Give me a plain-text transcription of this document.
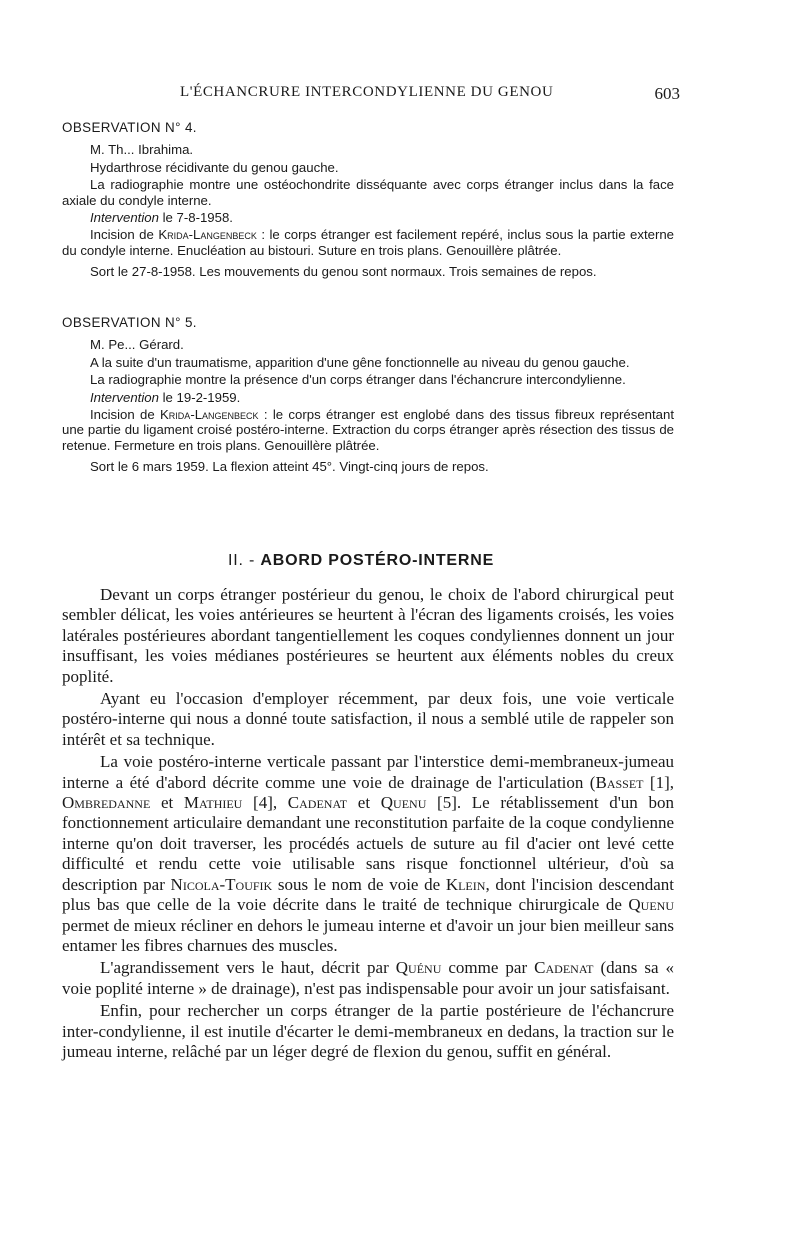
L'ÉCHANCRURE INTERCONDYLIENNE DU GENOU	603
OBSERVATION N° 4.

M. Th... Ibrahima.

Hydarthrose récidivante du genou gauche.

La radiographie montre une ostéochondrite disséquante avec corps étranger inclus dans la face axiale du condyle interne.

Intervention le 7-8-1958.

Incision de Krida-Langenbeck : le corps étranger est facilement repéré, inclus sous la partie externe du condyle interne. Enucléation au bistouri. Suture en trois plans. Genouillère plâtrée.

Sort le 27-8-1958. Les mouvements du genou sont normaux. Trois semaines de repos.

OBSERVATION N° 5.

M. Pe... Gérard.

A la suite d'un traumatisme, apparition d'une gêne fonctionnelle au niveau du genou gauche.

La radiographie montre la présence d'un corps étranger dans l'échancrure intercondylienne.

Intervention le 19-2-1959.

Incision de Krida-Langenbeck : le corps étranger est englobé dans des tissus fibreux représentant une partie du ligament croisé postéro-interne. Extraction du corps étranger après résection des tissus de retenue. Fermeture en trois plans. Genouillère plâtrée.

Sort le 6 mars 1959. La flexion atteint 45°. Vingt-cinq jours de repos.

II. - ABORD POSTÉRO-INTERNE

Devant un corps étranger postérieur du genou, le choix de l'abord chirurgical peut sembler délicat, les voies antérieures se heurtent à l'écran des ligaments croisés, les voies latérales postérieures abordant tangentiellement les coques condyliennes donnent un jour insuffisant, les voies médianes postérieures se heurtent aux éléments nobles du creux poplité.

Ayant eu l'occasion d'employer récemment, par deux fois, une voie verticale postéro-interne qui nous a donné toute satisfaction, il nous a semblé utile de rappeler son intérêt et sa technique.

La voie postéro-interne verticale passant par l'interstice demi-membraneux-jumeau interne a été d'abord décrite comme une voie de drainage de l'articulation (Basset [1], Ombredanne et Mathieu [4], Cadenat et Quenu [5]. Le rétablissement d'un bon fonctionnement articulaire demandant une reconstitution parfaite de la coque condylienne interne qu'on doit traverser, les procédés actuels de suture au fil d'acier ont levé cette difficulté et rendu cette voie utilisable sans risque fonctionnel ultérieur, d'où sa description par Nicola-Toufik sous le nom de voie de Klein, dont l'incision descendant plus bas que celle de la voie décrite dans le traité de technique chirurgicale de Quenu permet de mieux récliner en dehors le jumeau interne et d'avoir un jour bien meilleur sans entamer les fibres charnues des muscles.

L'agrandissement vers le haut, décrit par Quénu comme par Cadenat (dans sa « voie poplité interne » de drainage), n'est pas indispensable pour avoir un jour satisfaisant.

Enfin, pour rechercher un corps étranger de la partie postérieure de l'échancrure inter-condylienne, il est inutile d'écarter le demi-membraneux en dedans, la traction sur le jumeau interne, relâché par un léger degré de flexion du genou, suffit en général.
